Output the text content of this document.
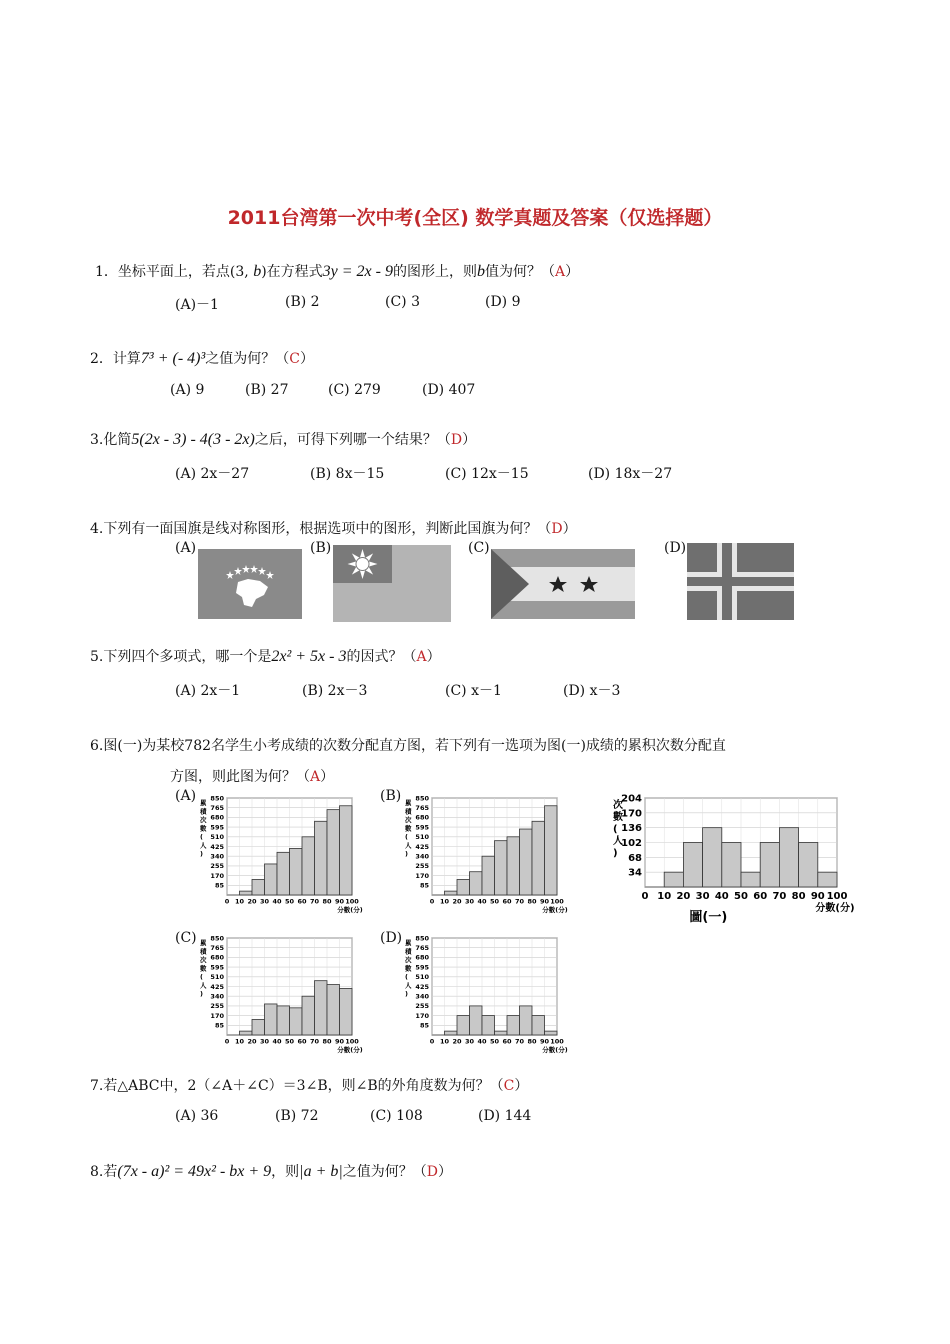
2011台湾第一次中考(全区) 数学真题及答案（仅选择题）
1．坐标平面上，若点(3, b)在方程式3y = 2x - 9的图形上，则b值为何？（A）
(A)－1	(B) 2	(C) 3	(D) 9
2．计算7³ + (- 4)³之值为何？（C）
(A) 9	(B) 27	(C) 279	(D) 407
3.化简5(2x - 3) - 4(3 - 2x)之后，可得下列哪一个结果？（D）
(A) 2x－27	(B) 8x－15	(C) 12x－15	(D) 18x－27
4.下列有一面国旗是线对称图形，根据选项中的图形，判断此国旗为何？（D）
(A)	(B)	(C)	(D)
5.下列四个多项式，哪一个是2x² + 5x - 3的因式？（A）
(A) 2x－1	(B) 2x－3	(C) x－1	(D) x－3
6.图(一)为某校782名学生小考成绩的次数分配直方图，若下列有一选项为图(一)成绩的累积次数分配直
方图，则此图为何？（A）
(A)	(B)
(C)	(D)
85
170
255
340
425
510
595
680
765
850
0 10 20 30 40 50 60 70 80 90 100
累
積
次
數
(
人
)
分數(分)
85
170
255
340
425
510
595
680
765
850
0 10 20 30 40 50 60 70 80 90 100
累
積
次
數
(
人
)
分數(分)
85
170
255
340
425
510
595
680
765
850
0 10 20 30 40 50 60 70 80 90 100
累
積
次
數
(
人
)
分數(分)
85
170
255
340
425
510
595
680
765
850
0 10 20 30 40 50 60 70 80 90 100
累
積
次
數
(
人
)
分數(分)
34
68
102
136
170
204
0 10 20 30 40 50 60 70 80 90 100
次
數
(
人
)
分數(分)
圖(一)
7.若△ABC中，2（∠A＋∠C）＝3∠B，则∠B的外角度数为何？（C）
(A) 36	(B) 72	(C) 108	(D) 144
8.若(7x - a)² = 49x² - bx + 9，则|a + b|之值为何？（D）
